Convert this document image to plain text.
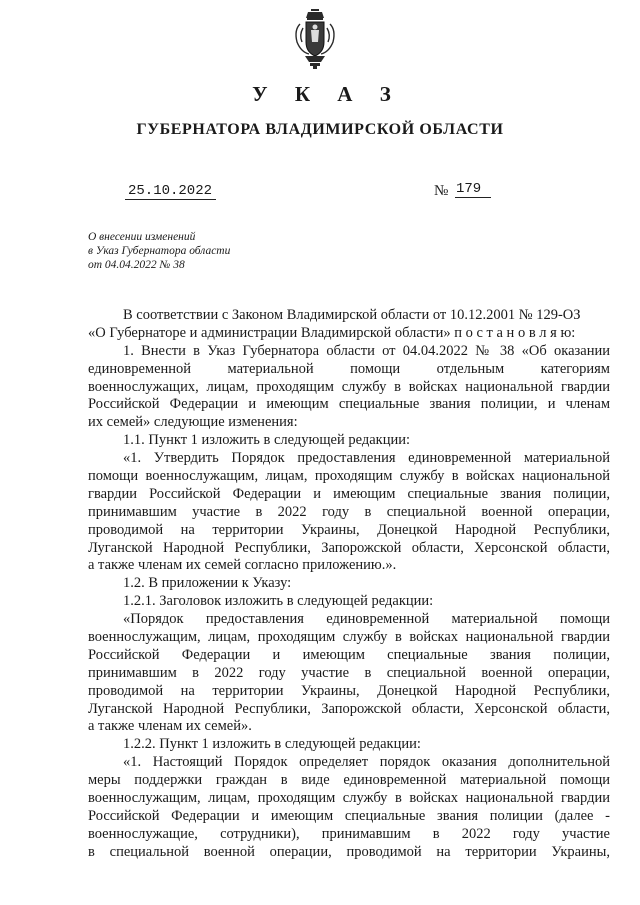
У К А З
ГУБЕРНАТОРА ВЛАДИМИРСКОЙ ОБЛАСТИ
25.10.2022	№ 179
О внесении изменений
в Указ Губернатора области
от 04.04.2022 № 38
В соответствии с Законом Владимирской области от 10.12.2001 № 129-ОЗ
«О Губернаторе и администрации Владимирской области» п о с т а н о в л я ю:
1. Внести в Указ Губернатора области от 04.04.2022 № 38 «Об оказании
единовременной материальной помощи отдельным категориям
военнослужащих, лицам, проходящим службу в войсках национальной гвардии
Российской Федерации и имеющим специальные звания полиции, и членам
их семей» следующие изменения:
1.1. Пункт 1 изложить в следующей редакции:
«1. Утвердить Порядок предоставления единовременной материальной
помощи военнослужащим, лицам, проходящим службу в войсках национальной
гвардии Российской Федерации и имеющим специальные звания полиции,
принимавшим участие в 2022 году в специальной военной операции,
проводимой на территории Украины, Донецкой Народной Республики,
Луганской Народной Республики, Запорожской области, Херсонской области,
а также членам их семей согласно приложению.».
1.2. В приложении к Указу:
1.2.1. Заголовок изложить в следующей редакции:
«Порядок предоставления единовременной материальной помощи
военнослужащим, лицам, проходящим службу в войсках национальной гвардии
Российской Федерации и имеющим специальные звания полиции,
принимавшим в 2022 году участие в специальной военной операции,
проводимой на территории Украины, Донецкой Народной Республики,
Луганской Народной Республики, Запорожской области, Херсонской области,
а также членам их семей».
1.2.2. Пункт 1 изложить в следующей редакции:
«1. Настоящий Порядок определяет порядок оказания дополнительной
меры поддержки граждан в виде единовременной материальной помощи
военнослужащим, лицам, проходящим службу в войсках национальной гвардии
Российской Федерации и имеющим специальные звания полиции (далее -
военнослужащие, сотрудники), принимавшим в 2022 году участие
в специальной военной операции, проводимой на территории Украины,
